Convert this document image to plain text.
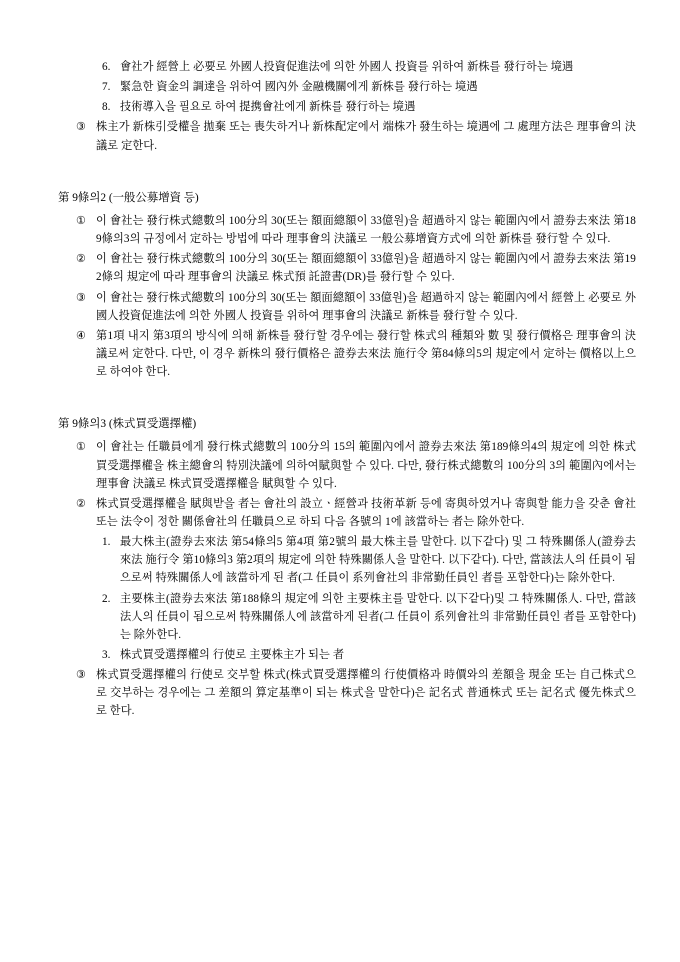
6. 會社가 經營上 必要로 外國人投資促進法에 의한 外國人 投資를 위하여 新株를 發行하는 境遇
7. 緊急한 資金의 調達을 위하여 國內外 金融機關에게 新株를 發行하는 境遇
8. 技術導入을 필요로 하여 提携會社에게 新株를 發行하는 境遇
③ 株主가 新株引受權을 拋棄 또는 喪失하거나 新株配定에서 端株가 發生하는 境遇에 그 處理方法은 理事會의 決議로 定한다.
第 9條의2 (一般公募增資 등)
① 이 會社는 發行株式總數의 100分의 30(또는 額面總額이 33億원)을 超過하지 않는 範圍內에서 證券去來法 第189條의3의 규정에서 定하는 방법에 따라 理事會의 決議로 一般公募增資方式에 의한 新株를 發行할 수 있다.
② 이 會社는 發行株式總數의 100分의 30(또는 額面總額이 33億원)을 超過하지 않는 範圍內에서 證券去來法 第192條의 規定에 따라 理事會의 決議로 株式預 託證書(DR)를 發行할 수 있다.
③ 이 會社는 發行株式總數의 100分의 30(또는 額面總額이 33億원)을 超過하지 않는 範圍內에서 經營上 必要로 外國人投資促進法에 의한 外國人 投資를 위하여 理事會의 決議로 新株를 發行할 수 있다.
④ 第1項 내지 第3項의 방식에 의해 新株를 發行할 경우에는 發行할 株式의 種類와 數 및 發行價格은 理事會의 決議로써 定한다. 다만, 이 경우 新株의 發行價格은 證券去來法 施行令 第84條의5의 規定에서 定하는 價格以上으로 하여야 한다.
第 9條의3 (株式買受選擇權)
① 이 會社는 任職員에게 發行株式總數의 100分의 15의 範圍內에서 證券去來法 第189條의4의 規定에 의한 株式買受選擇權을 株主總會의 特別決議에 의하여賦與할 수 있다. 다만, 發行株式總數의 100分의 3의 範圍內에서는 理事會 決議로 株式買受選擇權을 賦與할 수 있다.
② 株式買受選擇權을 賦與받을 者는 會社의 設立ㆍ經營과 技術革新 등에 寄與하였거나 寄與할 能力을 갖춘 會社 또는 法令이 정한 關係會社의 任職員으로 하되 다음 各號의 1에 該當하는 者는 除外한다.
1. 最大株主(證券去來法 第54條의5 第4項 第2號의 最大株主를 말한다. 以下같다) 및 그 特殊關係人(證券去來法 施行令 第10條의3 第2項의 規定에 의한 特殊關係人을 말한다. 以下같다). 다만, 當該法人의 任員이 됨으로써 特殊關係人에 該當하게 된 者(그 任員이 系列會社의 非常勤任員인 者를 포함한다)는 除外한다.
2. 主要株主(證券去來法 第188條의 規定에 의한 主要株主를 말한다. 以下같다)및 그 特殊關係人. 다만, 當該法人의 任員이 됨으로써 特殊關係人에 該當하게 된者(그 任員이 系列會社의 非常勤任員인 者를 포함한다)는 除外한다.
3. 株式買受選擇權의 行使로 主要株主가 되는 者
③ 株式買受選擇權의 行使로 交부할 株式(株式買受選擇權의 行使價格과 時價와의 差額을 現金 또는 自己株式으로 交부하는 경우에는 그 差額의 算定基準이 되는 株式을 말한다)은 記名式 普通株式 또는 記名式 優先株式으로 한다.
